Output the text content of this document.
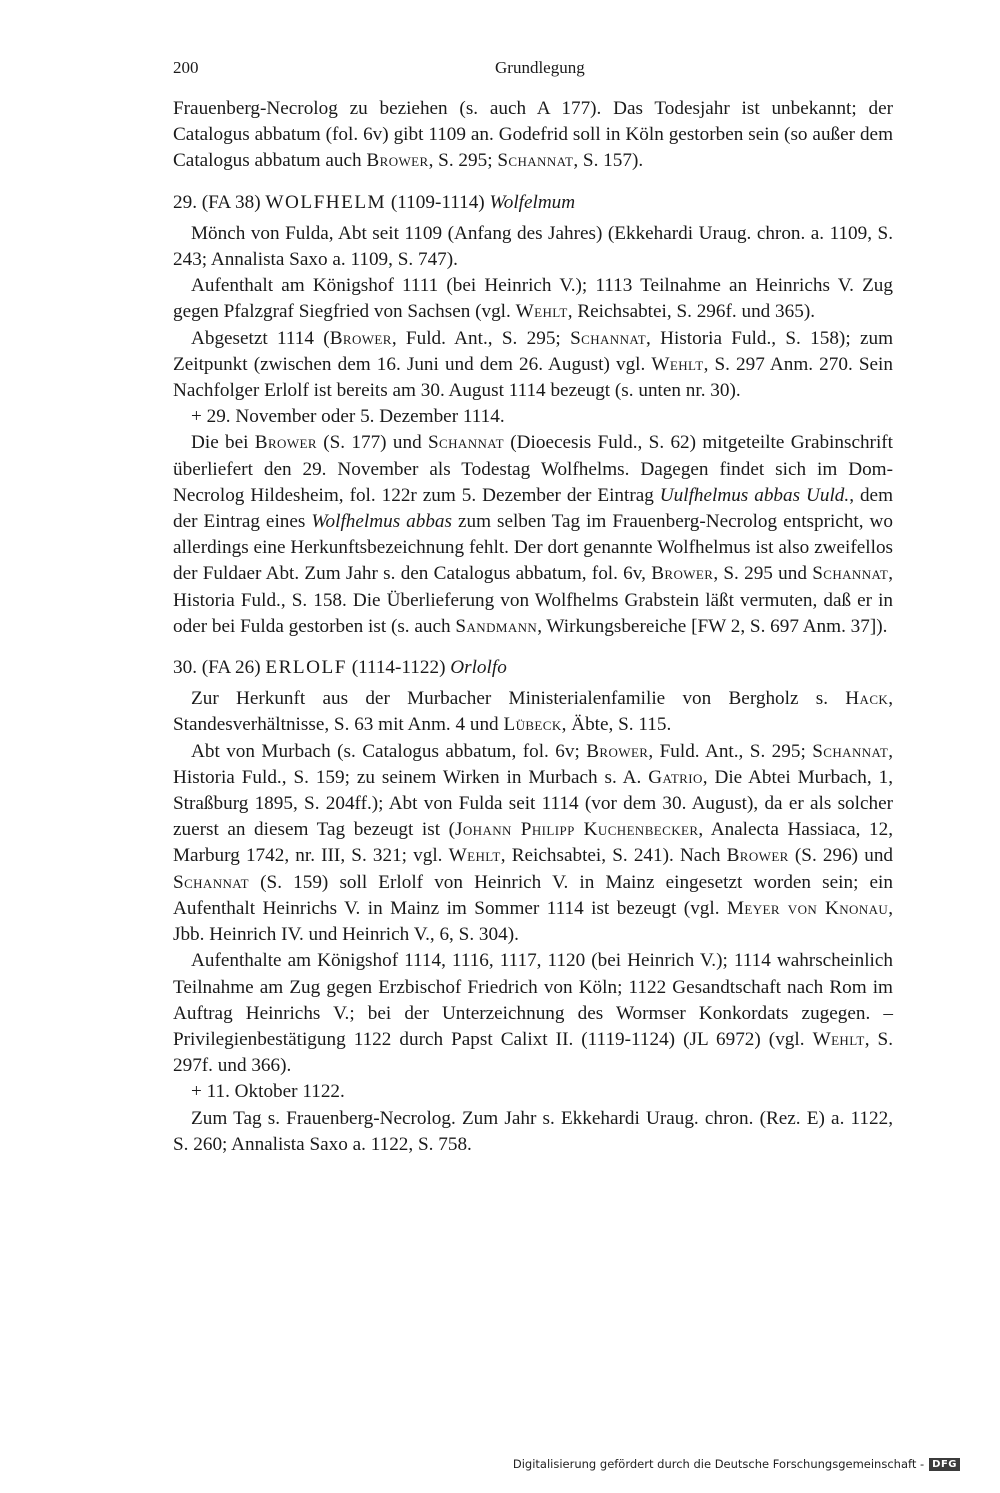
200	Grundlegung

Frauenberg-Necrolog zu beziehen (s. auch A 177). Das Todesjahr ist unbekannt; der Catalogus abbatum (fol. 6v) gibt 1109 an. Godefrid soll in Köln gestorben sein (so außer dem Catalogus abbatum auch Brower, S. 295; Schannat, S. 157).

29. (FA 38) WOLFHELM (1109-1114) Wolfelmum

Mönch von Fulda, Abt seit 1109 (Anfang des Jahres) (Ekkehardi Uraug. chron. a. 1109, S. 243; Annalista Saxo a. 1109, S. 747).

Aufenthalt am Königshof 1111 (bei Heinrich V.); 1113 Teilnahme an Heinrichs V. Zug gegen Pfalzgraf Siegfried von Sachsen (vgl. Wehlt, Reichsabtei, S. 296f. und 365).

Abgesetzt 1114 (Brower, Fuld. Ant., S. 295; Schannat, Historia Fuld., S. 158); zum Zeitpunkt (zwischen dem 16. Juni und dem 26. August) vgl. Wehlt, S. 297 Anm. 270. Sein Nachfolger Erlolf ist bereits am 30. August 1114 bezeugt (s. unten nr. 30).

+ 29. November oder 5. Dezember 1114.

Die bei Brower (S. 177) und Schannat (Dioecesis Fuld., S. 62) mitgeteilte Grabinschrift überliefert den 29. November als Todestag Wolfhelms. Dagegen findet sich im Dom-Necrolog Hildesheim, fol. 122r zum 5. Dezember der Eintrag Uulfhelmus abbas Uuld., dem der Eintrag eines Wolfhelmus abbas zum selben Tag im Frauenberg-Necrolog entspricht, wo allerdings eine Herkunftsbezeichnung fehlt. Der dort genannte Wolfhelmus ist also zweifellos der Fuldaer Abt. Zum Jahr s. den Catalogus abbatum, fol. 6v, Brower, S. 295 und Schannat, Historia Fuld., S. 158. Die Überlieferung von Wolfhelms Grabstein läßt vermuten, daß er in oder bei Fulda gestorben ist (s. auch Sandmann, Wirkungsbereiche [FW 2, S. 697 Anm. 37]).

30. (FA 26) ERLOLF (1114-1122) Orlolfo

Zur Herkunft aus der Murbacher Ministerialenfamilie von Bergholz s. Hack, Standesverhältnisse, S. 63 mit Anm. 4 und Lübeck, Äbte, S. 115.

Abt von Murbach (s. Catalogus abbatum, fol. 6v; Brower, Fuld. Ant., S. 295; Schannat, Historia Fuld., S. 159; zu seinem Wirken in Murbach s. A. Gatrio, Die Abtei Murbach, 1, Straßburg 1895, S. 204ff.); Abt von Fulda seit 1114 (vor dem 30. August), da er als solcher zuerst an diesem Tag bezeugt ist (Johann Philipp Kuchenbecker, Analecta Hassiaca, 12, Marburg 1742, nr. III, S. 321; vgl. Wehlt, Reichsabtei, S. 241). Nach Brower (S. 296) und Schannat (S. 159) soll Erlolf von Heinrich V. in Mainz eingesetzt worden sein; ein Aufenthalt Heinrichs V. in Mainz im Sommer 1114 ist bezeugt (vgl. Meyer von Knonau, Jbb. Heinrich IV. und Heinrich V., 6, S. 304).

Aufenthalte am Königshof 1114, 1116, 1117, 1120 (bei Heinrich V.); 1114 wahrscheinlich Teilnahme am Zug gegen Erzbischof Friedrich von Köln; 1122 Gesandtschaft nach Rom im Auftrag Heinrichs V.; bei der Unterzeichnung des Wormser Konkordats zugegen. – Privilegienbestätigung 1122 durch Papst Calixt II. (1119-1124) (JL 6972) (vgl. Wehlt, S. 297f. und 366).

+ 11. Oktober 1122.

Zum Tag s. Frauenberg-Necrolog. Zum Jahr s. Ekkehardi Uraug. chron. (Rez. E) a. 1122, S. 260; Annalista Saxo a. 1122, S. 758.

Digitalisierung gefördert durch die Deutsche Forschungsgemeinschaft - DFG
